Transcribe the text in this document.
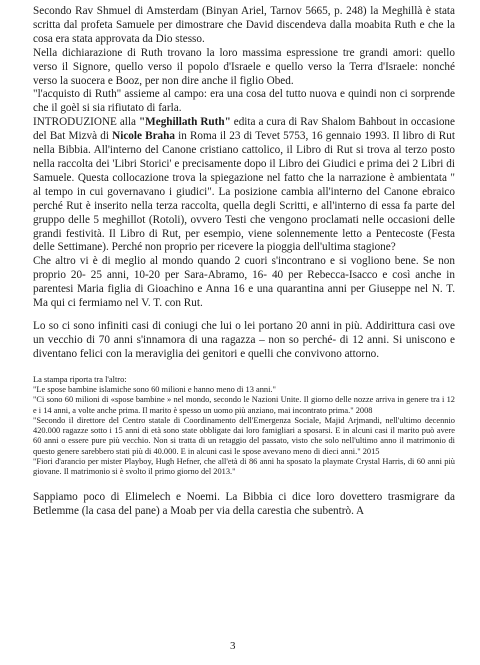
Secondo Rav Shmuel di Amsterdam (Binyan Ariel, Tarnov 5665, p. 248) la Meghillà è stata scritta dal profeta Samuele per dimostrare che David discendeva dalla moabita Ruth e che la cosa era stata approvata da Dio stesso.

Nella dichiarazione di Ruth trovano la loro massima espressione tre grandi amori: quello verso il Signore, quello verso il popolo d'Israele e quello verso la Terra d'Israele: nonché verso la suocera e Booz, per non dire anche il figlio Obed.

"l'acquisto di Ruth" assieme al campo: era una cosa del tutto nuova e quindi non ci sorprende che il goèl si sia rifiutato di farla.

INTRODUZIONE alla "Meghillath Ruth" edita a cura di Rav Shalom Bahbout in occasione del Bat Mizvà di Nicole Braha in Roma il 23 di Tevet 5753, 16 gennaio 1993. Il libro di Rut nella Bibbia. All'interno del Canone cristiano cattolico, il Libro di Rut si trova al terzo posto nella raccolta dei 'Libri Storici' e precisamente dopo il Libro dei Giudici e prima dei 2 Libri di Samuele. Questa collocazione trova la spiegazione nel fatto che la narrazione è ambientata " al tempo in cui governavano i giudici". La posizione cambia all'interno del Canone ebraico perché Rut è inserito nella terza raccolta, quella degli Scritti, e all'interno di essa fa parte del gruppo delle 5 meghillot (Rotoli), ovvero Testi che vengono proclamati nelle occasioni delle grandi festività. Il Libro di Rut, per esempio, viene solennemente letto a Pentecoste (Festa delle Settimane). Perché non proprio per ricevere la pioggia dell'ultima stagione?

Che altro vi è di meglio al mondo quando 2 cuori s'incontrano e si vogliono bene. Se non proprio 20- 25 anni, 10-20 per Sara-Abramo, 16- 40 per Rebecca-Isacco e così anche in parentesi Maria figlia di Gioachino e Anna 16 e una quarantina anni per Giuseppe nel N. T. Ma qui ci fermiamo nel V. T. con Rut.

Lo so ci sono infiniti casi di coniugi che lui o lei portano 20 anni in più. Addirittura casi ove un vecchio di 70 anni s'innamora di una ragazza – non so perché- di 12 anni. Si uniscono e diventano felici con la meraviglia dei genitori e quelli che convivono attorno.

La stampa riporta tra l'altro:

"Le spose bambine islamiche sono 60 milioni e hanno meno di 13 anni."

"Ci sono 60 milioni di «spose bambine » nel mondo, secondo le Nazioni Unite. Il giorno delle nozze arriva in genere tra i 12 e i 14 anni, a volte anche prima. Il marito è spesso un uomo più anziano, mai incontrato prima." 2008

"Secondo il direttore del Centro statale di Coordinamento dell'Emergenza Sociale, Majid Arjmandi, nell'ultimo decennio 420.000 ragazze sotto i 15 anni di età sono state obbligate dai loro famigliari a sposarsi. E in alcuni casi il marito può avere 60 anni o essere pure più vecchio. Non si tratta di un retaggio del passato, visto che solo nell'ultimo anno il matrimonio di questo genere sarebbero stati più di 40.000. E in alcuni casi le spose avevano meno di dieci anni." 2015

"Fiori d'arancio per mister Playboy, Hugh Hefner, che all'età di 86 anni ha sposato la playmate Crystal Harris, di 60 anni più giovane. Il matrimonio si è svolto il primo giorno del 2013."

Sappiamo poco di Elimelech e Noemi. La Bibbia ci dice loro dovettero trasmigrare da Betlemme (la casa del pane) a Moab per via della carestia che subentrò. A

3
